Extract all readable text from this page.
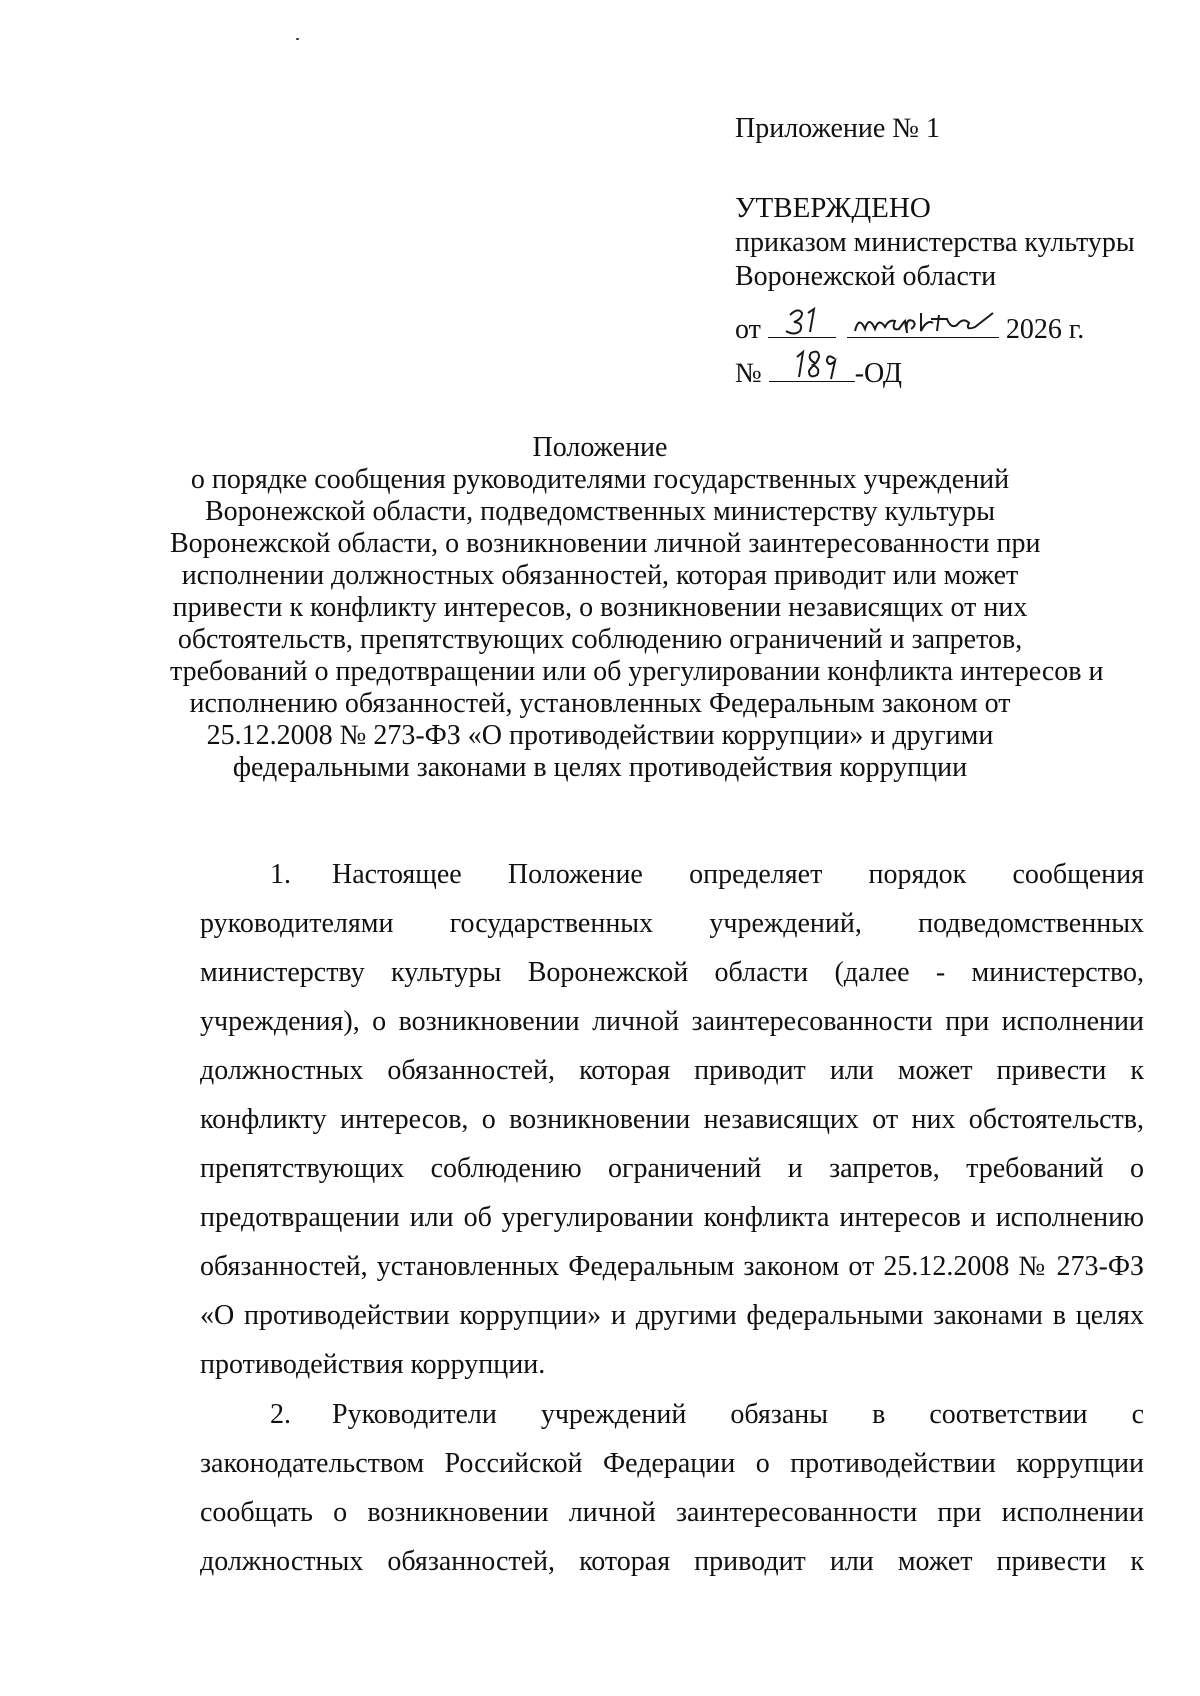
Приложение № 1
УТВЕРЖДЕНО
приказом министерства культуры
Воронежской области
от
	2026 г.
№	-ОД
Положение
о порядке сообщения руководителями государственных учреждений
Воронежской области, подведомственных министерству культуры
Воронежской области, о возникновении личной заинтересованности при
исполнении должностных обязанностей, которая приводит или может
привести к конфликту интересов, о возникновении независящих от них
обстоятельств, препятствующих соблюдению ограничений и запретов,
требований о предотвращении или об урегулировании конфликта интересов и
исполнению обязанностей, установленных Федеральным законом от
25.12.2008 № 273-ФЗ «О противодействии коррупции» и другими
федеральными законами в целях противодействия коррупции
1. Настоящее Положение определяет порядок сообщения
руководителями государственных учреждений, подведомственных
министерству культуры Воронежской области (далее - министерство,
учреждения), о возникновении личной заинтересованности при исполнении
должностных обязанностей, которая приводит или может привести к
конфликту интересов, о возникновении независящих от них обстоятельств,
препятствующих соблюдению ограничений и запретов, требований о
предотвращении или об урегулировании конфликта интересов и исполнению
обязанностей, установленных Федеральным законом от 25.12.2008 № 273-ФЗ
«О противодействии коррупции» и другими федеральными законами в целях
противодействия коррупции.
2. Руководители учреждений обязаны в соответствии с
законодательством Российской Федерации о противодействии коррупции
сообщать о возникновении личной заинтересованности при исполнении
должностных обязанностей, которая приводит или может привести к
